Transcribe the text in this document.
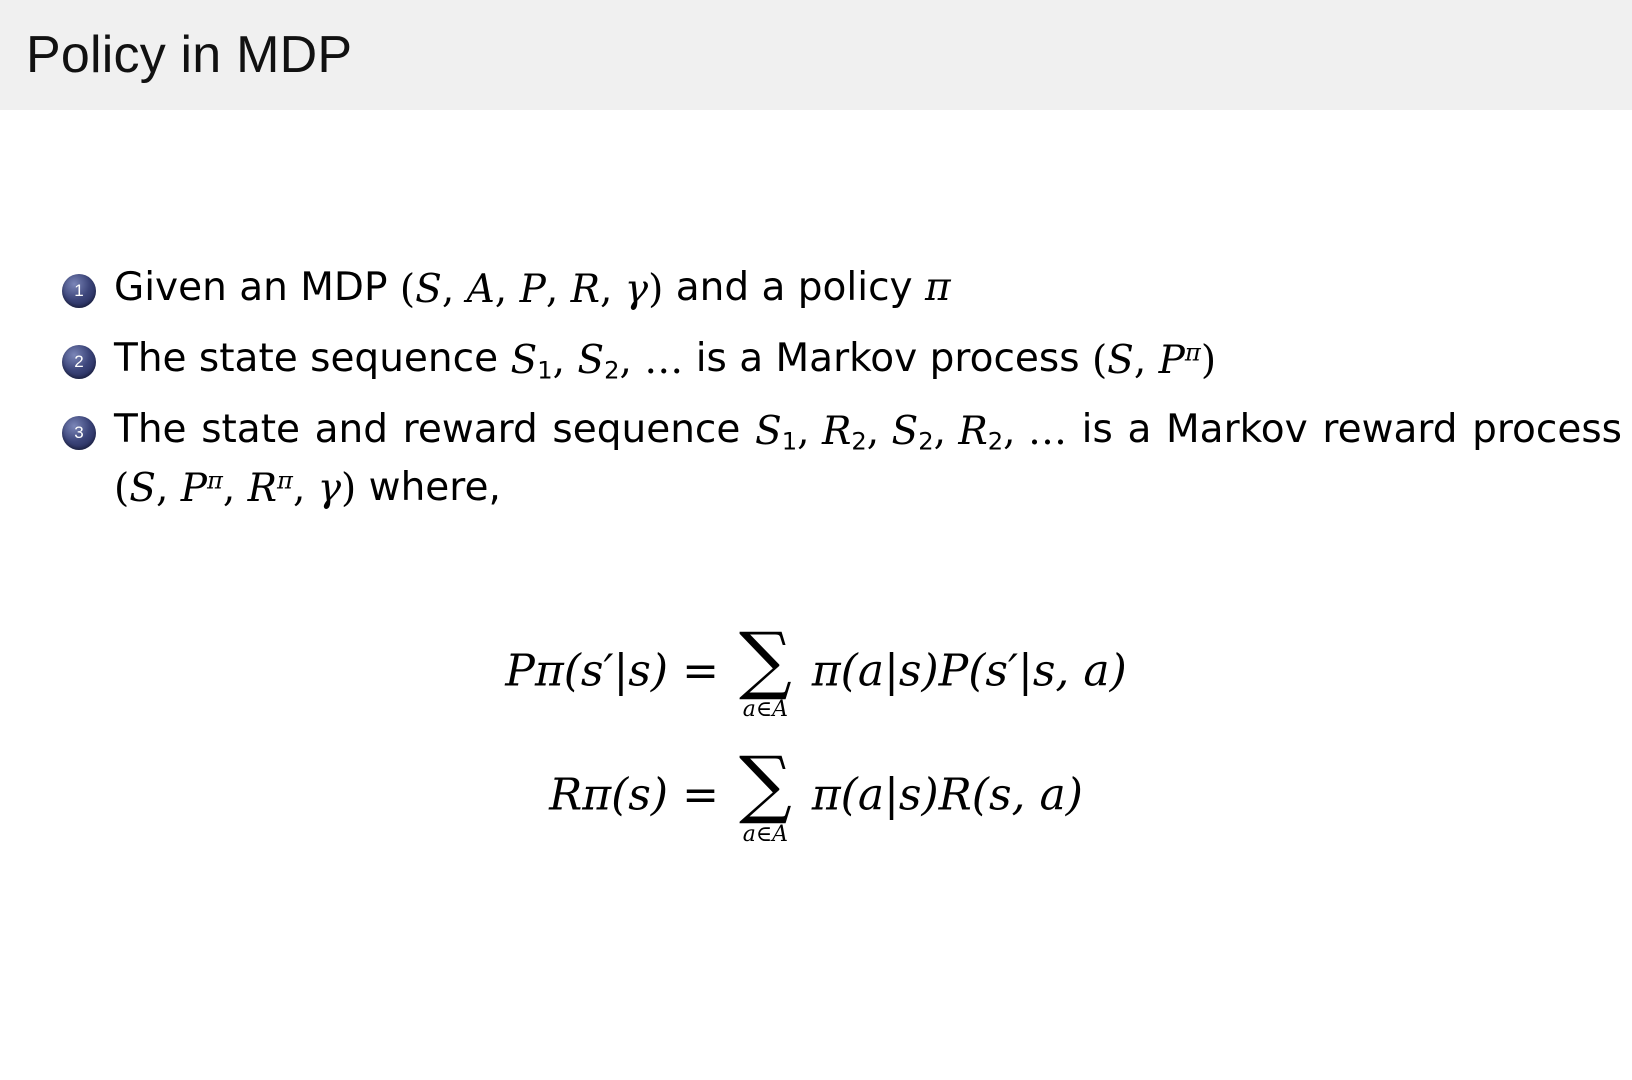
Policy in MDP
1 Given an MDP (S, A, P, R, γ) and a policy π
2 The state sequence $S_1$, $S_2$, … is a Markov process (S, $P^\pi$)
3 The state and reward sequence $S_1$, $R_2$, $S_2$, $R_2$, … is a Markov reward process (S, $P^\pi$, $R^\pi$, γ) where,
Pπ(s′|s) = ∑
a∈A
π(a|s)P(s′|s, a)
Rπ(s) = ∑
a∈A
π(a|s)R(s, a)
